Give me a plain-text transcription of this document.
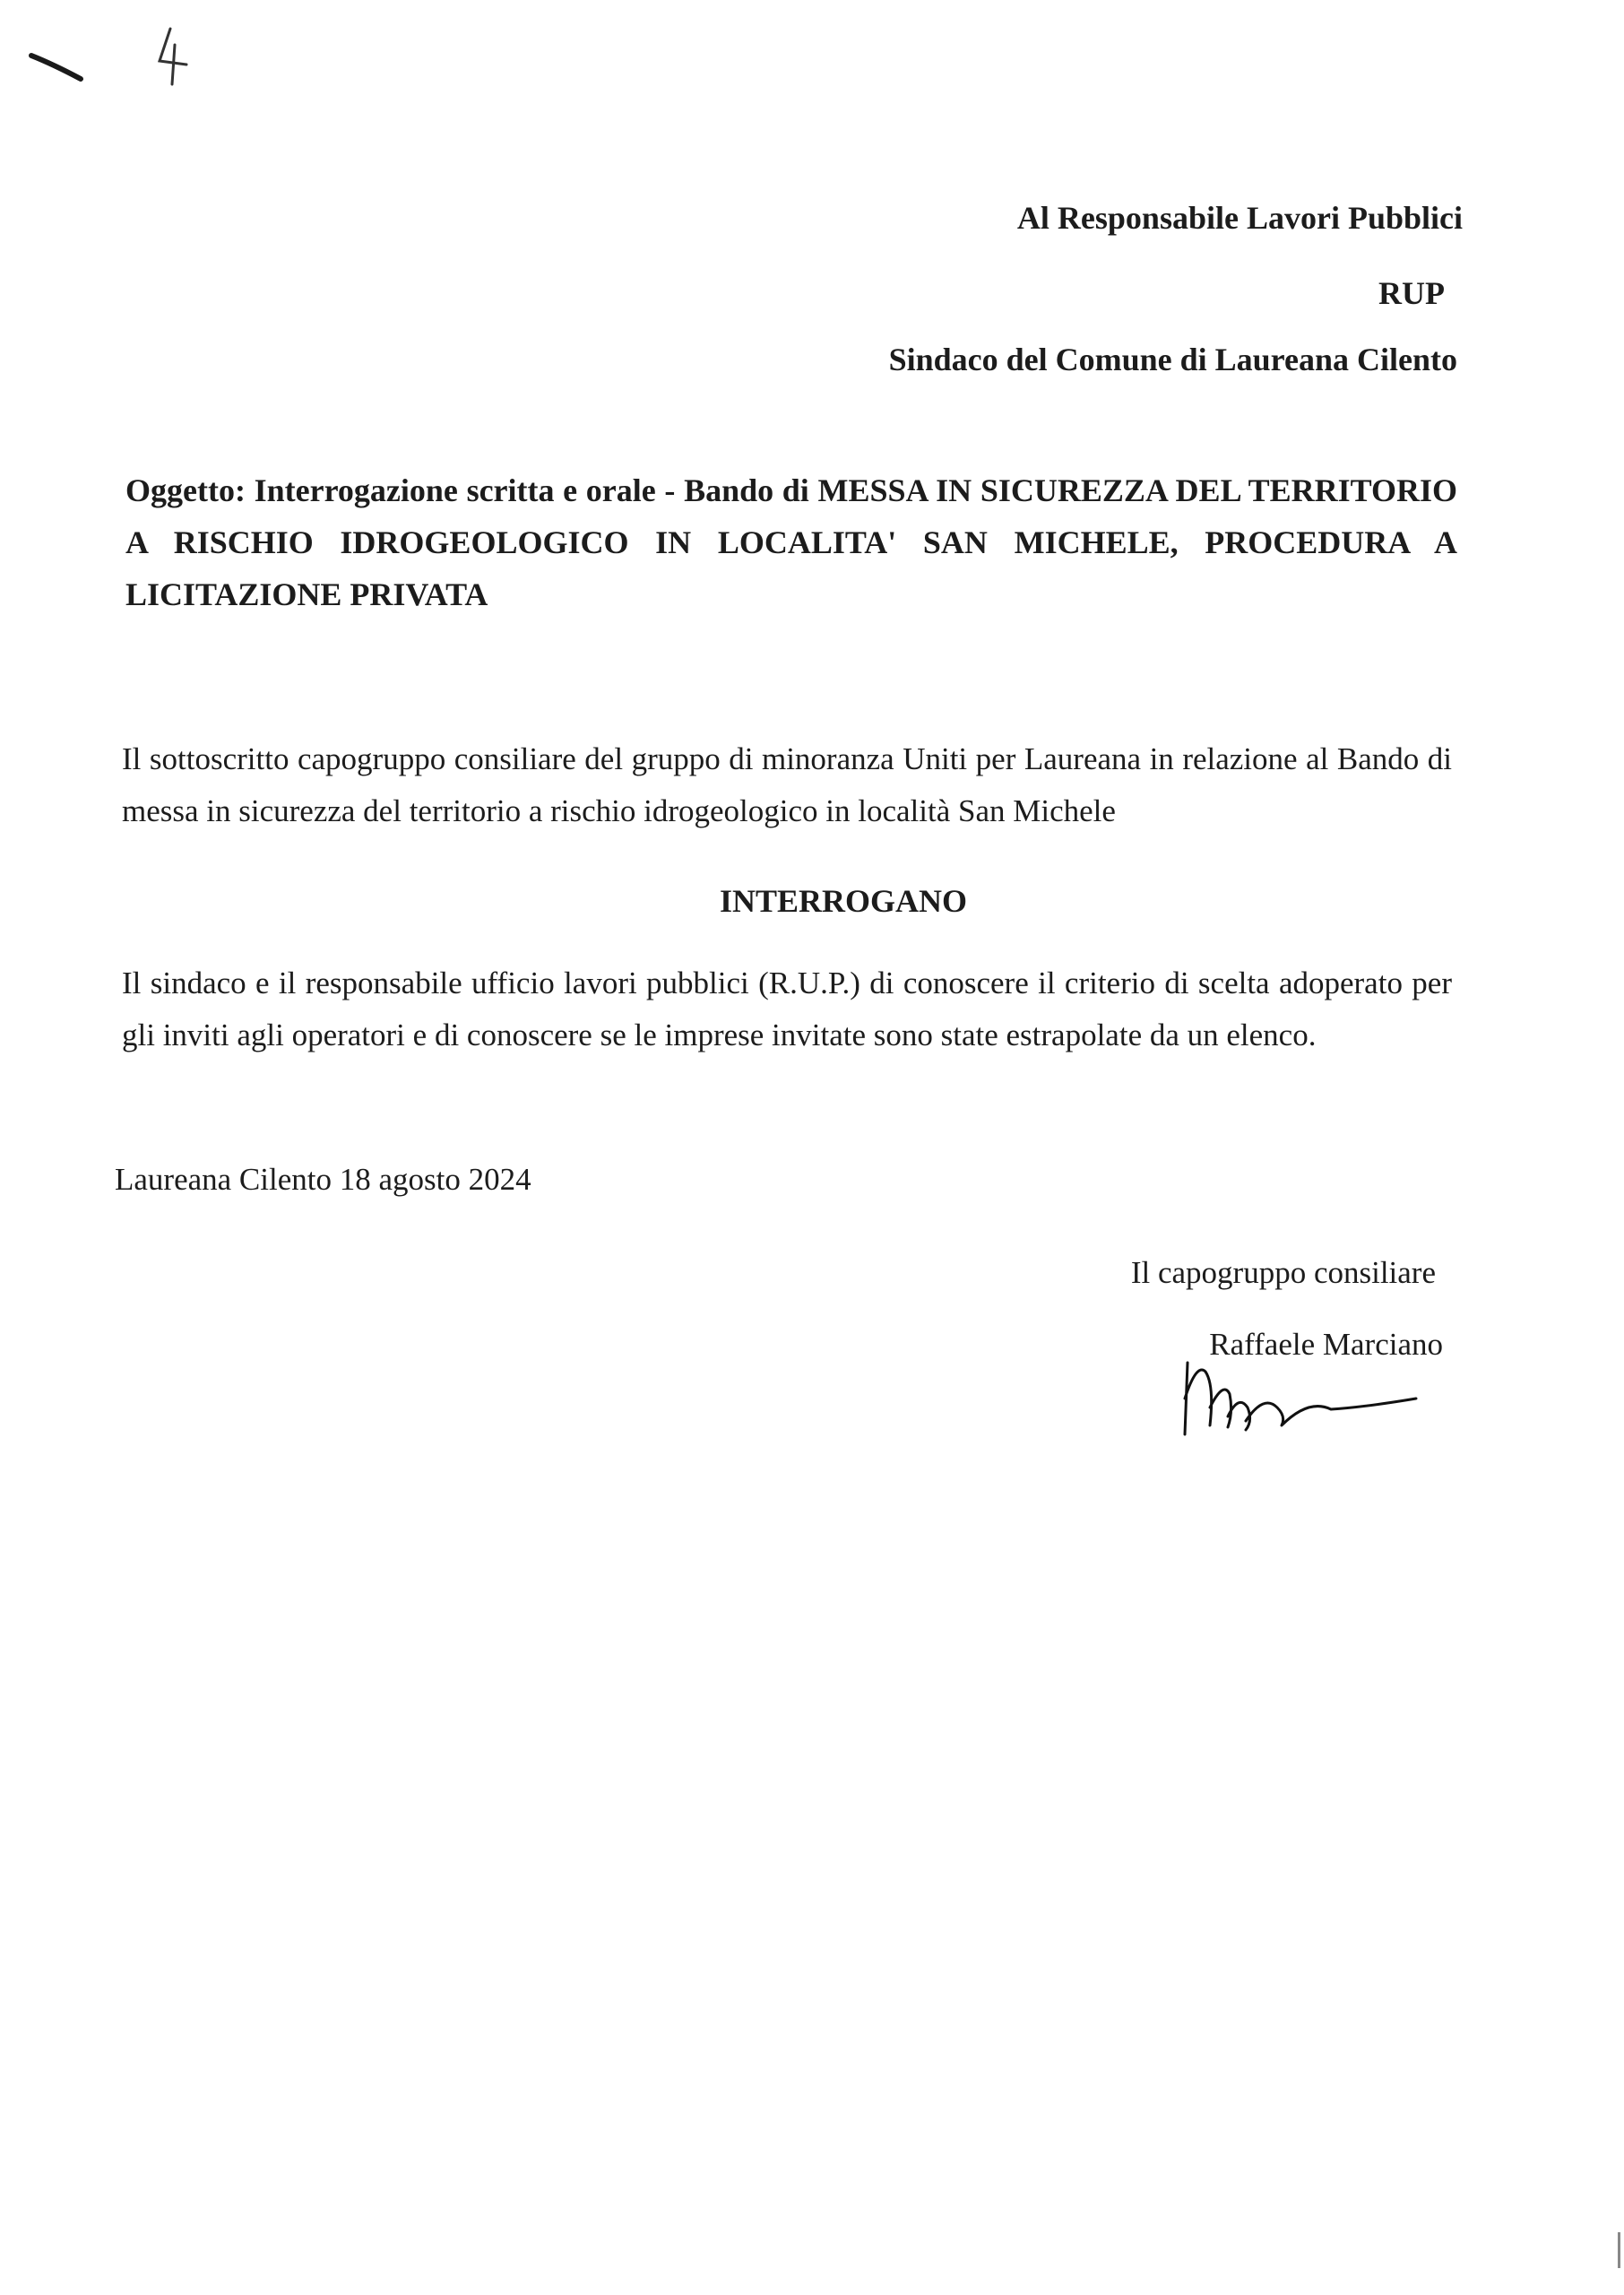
Al Responsabile Lavori Pubblici
RUP
Sindaco del Comune di Laureana Cilento
Oggetto: Interrogazione scritta e orale - Bando di MESSA IN SICUREZZA DEL TERRITORIO A RISCHIO IDROGEOLOGICO IN LOCALITA' SAN MICHELE, PROCEDURA A LICITAZIONE PRIVATA
Il sottoscritto capogruppo consiliare del gruppo di minoranza Uniti per Laureana in relazione al Bando di messa in sicurezza del territorio a rischio idrogeologico in località San Michele
INTERROGANO
Il sindaco e il responsabile ufficio lavori pubblici (R.U.P.) di conoscere il criterio di scelta adoperato per gli inviti agli operatori e di conoscere se le imprese invitate sono state estrapolate da un elenco.
Laureana Cilento 18 agosto 2024
Il capogruppo consiliare
Raffaele Marciano
